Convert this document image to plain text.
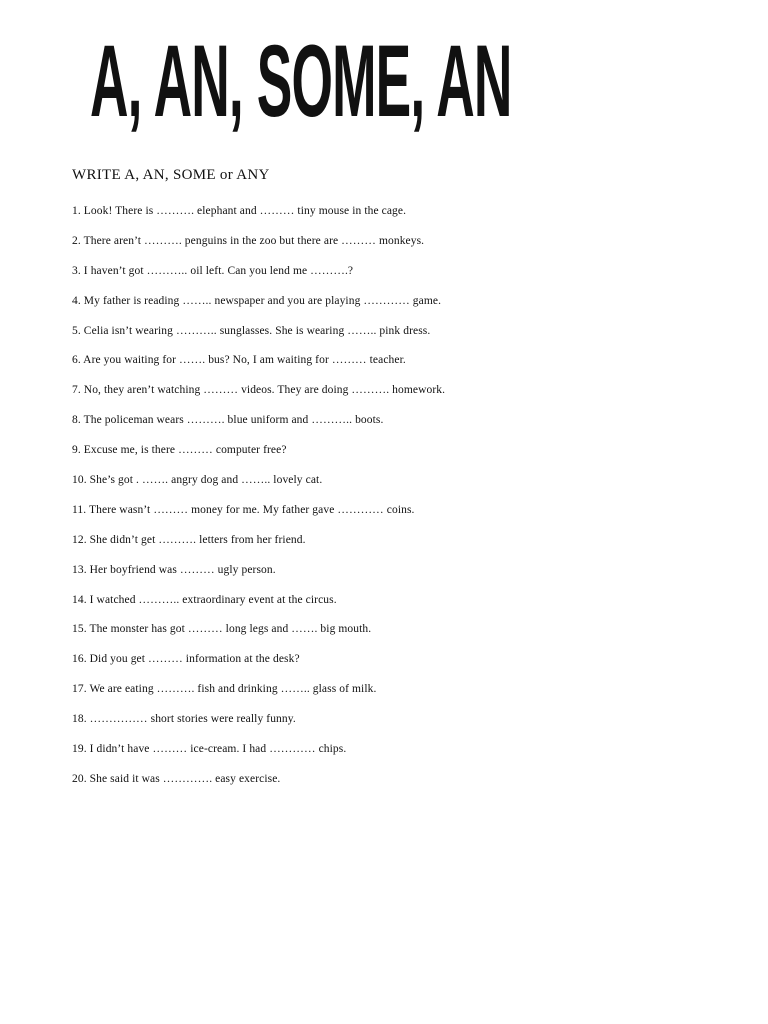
A, AN, SOME, AN

WRITE A, AN, SOME or ANY

1. Look! There is ………. elephant and ……… tiny mouse in the cage.
2. There aren’t ………. penguins in the zoo but there are ……… monkeys.
3. I haven’t got ……….. oil left. Can you lend me ……….?
4. My father is reading …….. newspaper and you are playing ………… game.
5. Celia isn’t wearing ……….. sunglasses. She is wearing …….. pink dress.
6. Are you waiting for ……. bus? No, I am waiting for ……… teacher.
7. No, they aren’t watching ……… videos. They are doing ………. homework.
8. The policeman wears ………. blue uniform and ……….. boots.
9. Excuse me, is there ……… computer free?
10. She’s got . ……. angry dog and …….. lovely cat.
11. There wasn’t ……… money for me. My father gave ………… coins.
12. She didn’t get ………. letters from her friend.
13. Her boyfriend was ……… ugly person.
14. I watched ……….. extraordinary event at the circus.
15. The monster has got ……… long legs and ……. big mouth.
16. Did you get ……… information at the desk?
17. We are eating ………. fish and drinking …….. glass of milk.
18. …………… short stories were really funny.
19. I didn’t have ……… ice-cream. I had ………… chips.
20. She said it was …………. easy exercise.
